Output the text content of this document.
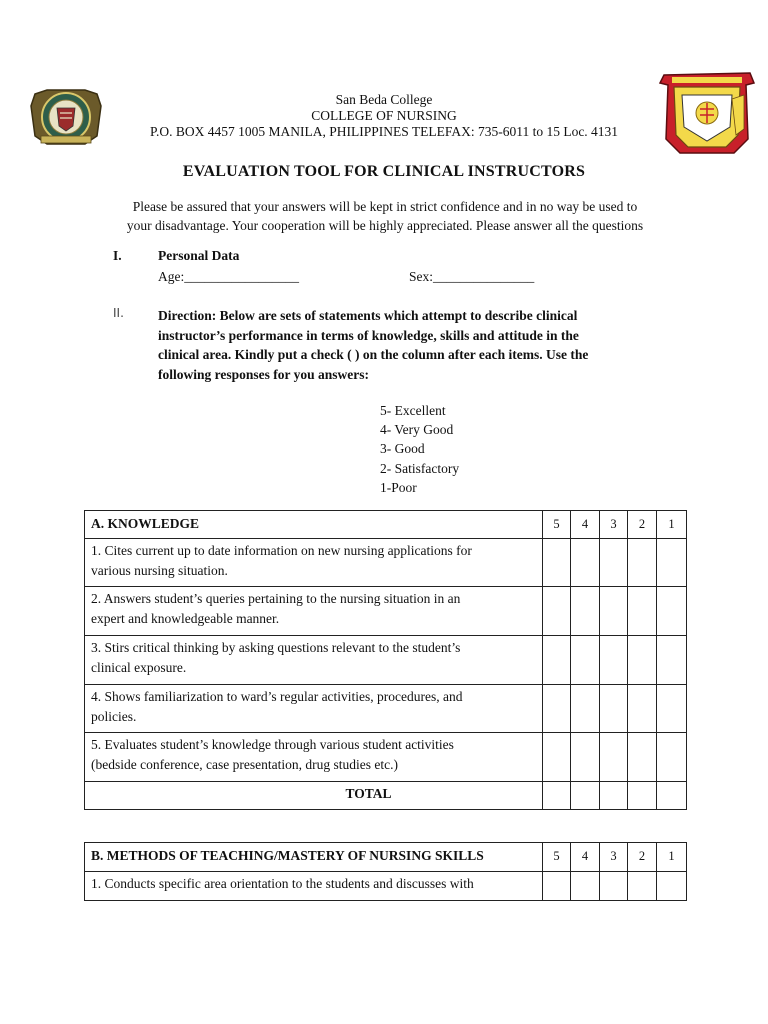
San Beda College
COLLEGE OF NURSING
P.O. BOX 4457 1005 MANILA, PHILIPPINES TELEFAX: 735-6011 to 15 Loc. 4131
EVALUATION TOOL FOR CLINICAL INSTRUCTORS
Please be assured that your answers will be kept in strict confidence and in no way be used to
your disadvantage. Your cooperation will be highly appreciated. Please answer all the questions
I.	Personal Data
Age:_________________	Sex:_______________
II.	Direction: Below are sets of statements which attempt to describe clinical
instructor’s performance in terms of knowledge, skills and attitude in the
clinical area. Kindly put a check ( ) on the column after each items. Use the
following responses for you answers:
5- Excellent
4- Very Good
3- Good
2- Satisfactory
1-Poor
A. KNOWLEDGE	5	4	3	2	1

1. Cites current up to date information on new nursing applications for
various nursing situation.					

2. Answers student’s queries pertaining to the nursing situation in an
expert and knowledgeable manner.					

3. Stirs critical thinking by asking questions relevant to the student’s
clinical exposure.					

4. Shows familiarization to ward’s regular activities, procedures, and
policies.					

5. Evaluates student’s knowledge through various student activities
(bedside conference, case presentation, drug studies etc.)					

TOTAL					
B. METHODS OF TEACHING/MASTERY OF NURSING SKILLS	5	4	3	2	1

1. Conducts specific area orientation to the students and discusses with					
